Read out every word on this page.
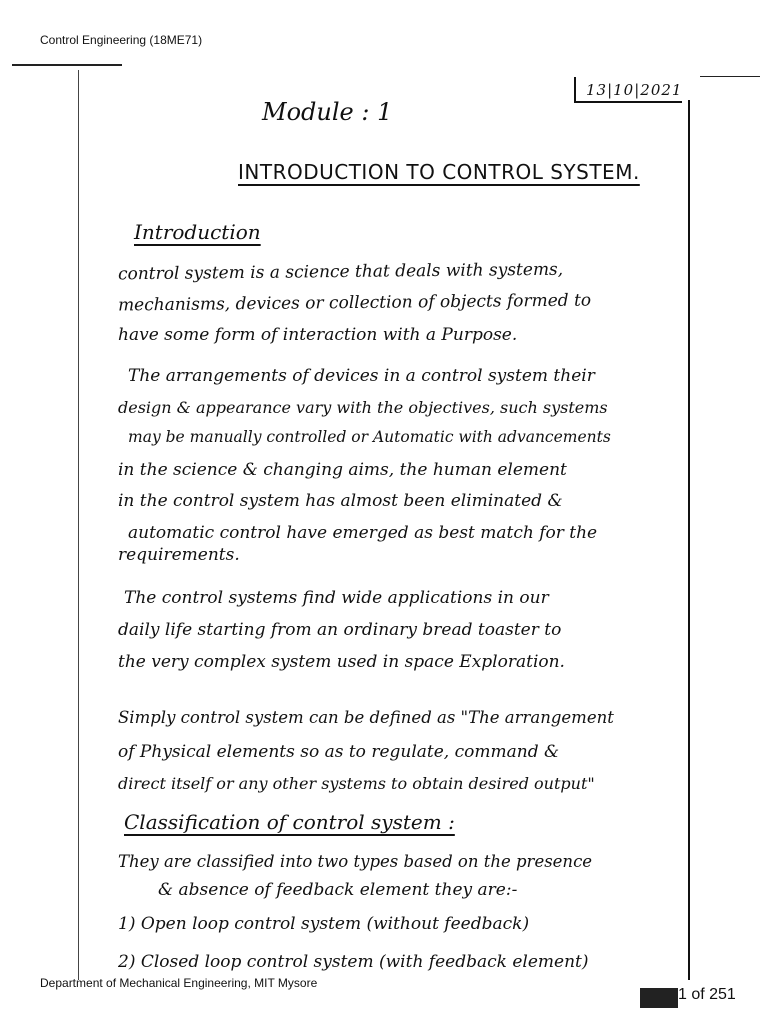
Control Engineering (18ME71)
13|10|2021
Module : 1
INTRODUCTION TO CONTROL SYSTEM.
Introduction
control system is a science that deals with systems,
mechanisms, devices or collection of objects formed to
have some form of interaction with a Purpose.
The arrangements of devices in a control system their
design & appearance vary with the objectives, such systems
may be manually controlled or Automatic with advancements
in the science & changing aims, the human element
in the control system has almost been eliminated &
automatic control have emerged as best match for the
requirements.
The control systems find wide applications in our
daily life starting from an ordinary bread toaster to
the very complex system used in space Exploration.
Simply control system can be defined as "The arrangement
of Physical elements so as to regulate, command &
direct itself or any other systems to obtain desired output"
Classification of control system :
They are classified into two types based on the presence
& absence of feedback element they are:-
1) Open loop control system (without feedback)
2) Closed loop control system (with feedback element)
Department of Mechanical Engineering, MIT Mysore
1 of 251
